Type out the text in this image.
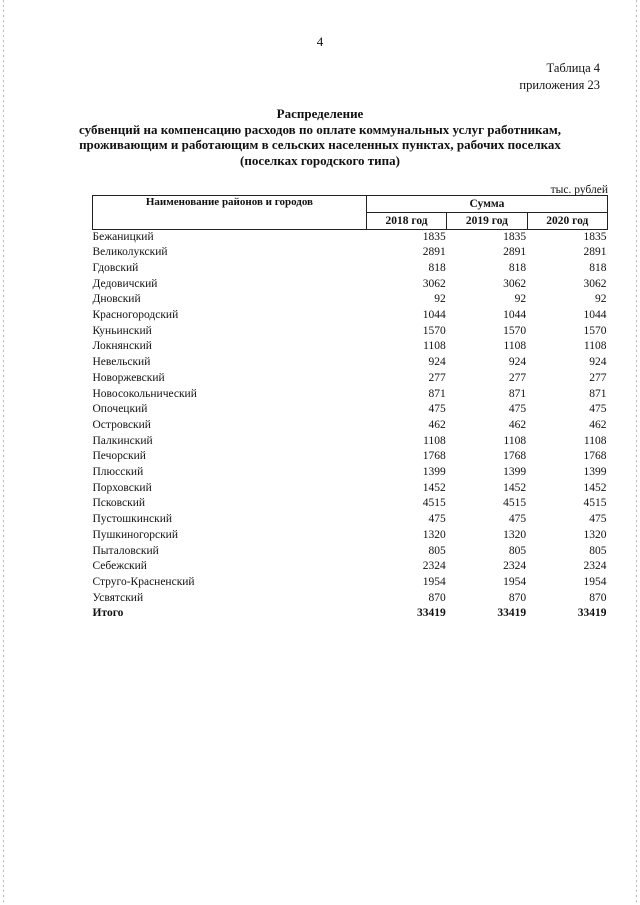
4
Таблица 4
приложения 23
Распределение
субвенций на компенсацию расходов по оплате коммунальных услуг работникам,
проживающим и работающим в сельских населенных пунктах, рабочих поселках
(поселках городского типа)
тыс. рублей
Наименование районов и городов	Сумма		
	2018 год	2019 год	2020 год
Бежаницкий	1835	1835	1835
Великолукский	2891	2891	2891
Гдовский	818	818	818
Дедовичский	3062	3062	3062
Дновский	92	92	92
Красногородский	1044	1044	1044
Куньинский	1570	1570	1570
Локнянский	1108	1108	1108
Невельский	924	924	924
Новоржевский	277	277	277
Новосокольнический	871	871	871
Опочецкий	475	475	475
Островский	462	462	462
Палкинский	1108	1108	1108
Печорский	1768	1768	1768
Плюсский	1399	1399	1399
Порховский	1452	1452	1452
Псковский	4515	4515	4515
Пустошкинский	475	475	475
Пушкиногорский	1320	1320	1320
Пыталовский	805	805	805
Себежский	2324	2324	2324
Струго-Красненский	1954	1954	1954
Усвятский	870	870	870
Итого	33419	33419	33419
